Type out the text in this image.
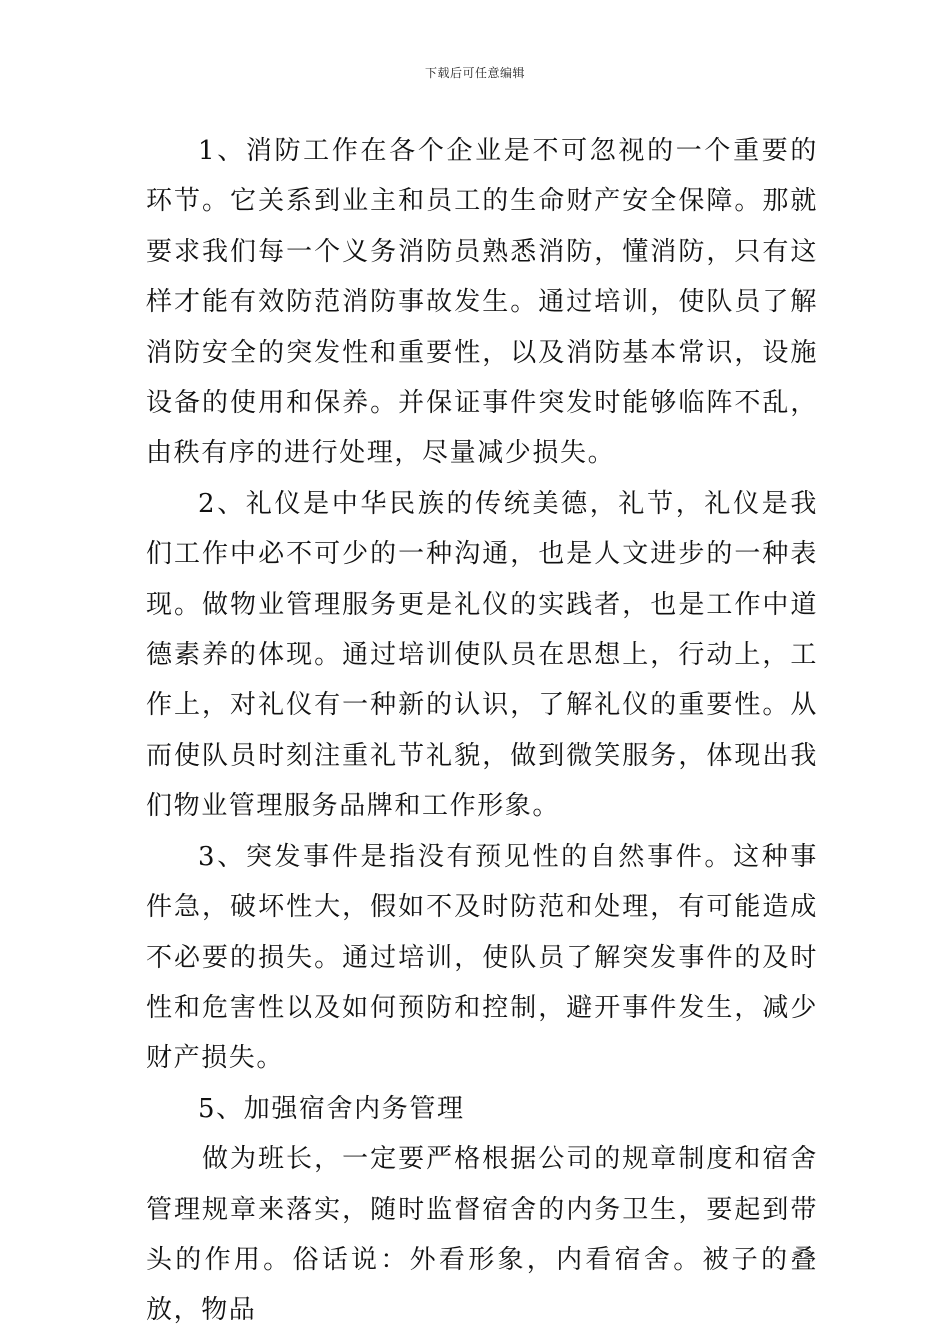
下载后可任意编辑

1、消防工作在各个企业是不可忽视的一个重要的环节。它关系到业主和员工的生命财产安全保障。那就要求我们每一个义务消防员熟悉消防，懂消防，只有这样才能有效防范消防事故发生。通过培训，使队员了解消防安全的突发性和重要性，以及消防基本常识，设施设备的使用和保养。并保证事件突发时能够临阵不乱，由秩有序的进行处理，尽量减少损失。

2、礼仪是中华民族的传统美德，礼节，礼仪是我们工作中必不可少的一种沟通，也是人文进步的一种表现。做物业管理服务更是礼仪的实践者，也是工作中道德素养的体现。通过培训使队员在思想上，行动上，工作上，对礼仪有一种新的认识，了解礼仪的重要性。从而使队员时刻注重礼节礼貌，做到微笑服务，体现出我们物业管理服务品牌和工作形象。

3、突发事件是指没有预见性的自然事件。这种事件急，破坏性大，假如不及时防范和处理，有可能造成不必要的损失。通过培训，使队员了解突发事件的及时性和危害性以及如何预防和控制，避开事件发生，减少财产损失。

5、加强宿舍内务管理

做为班长，一定要严格根据公司的规章制度和宿舍管理规章来落实，随时监督宿舍的内务卫生，要起到带头的作用。俗话说：外看形象，内看宿舍。被子的叠放，物品
